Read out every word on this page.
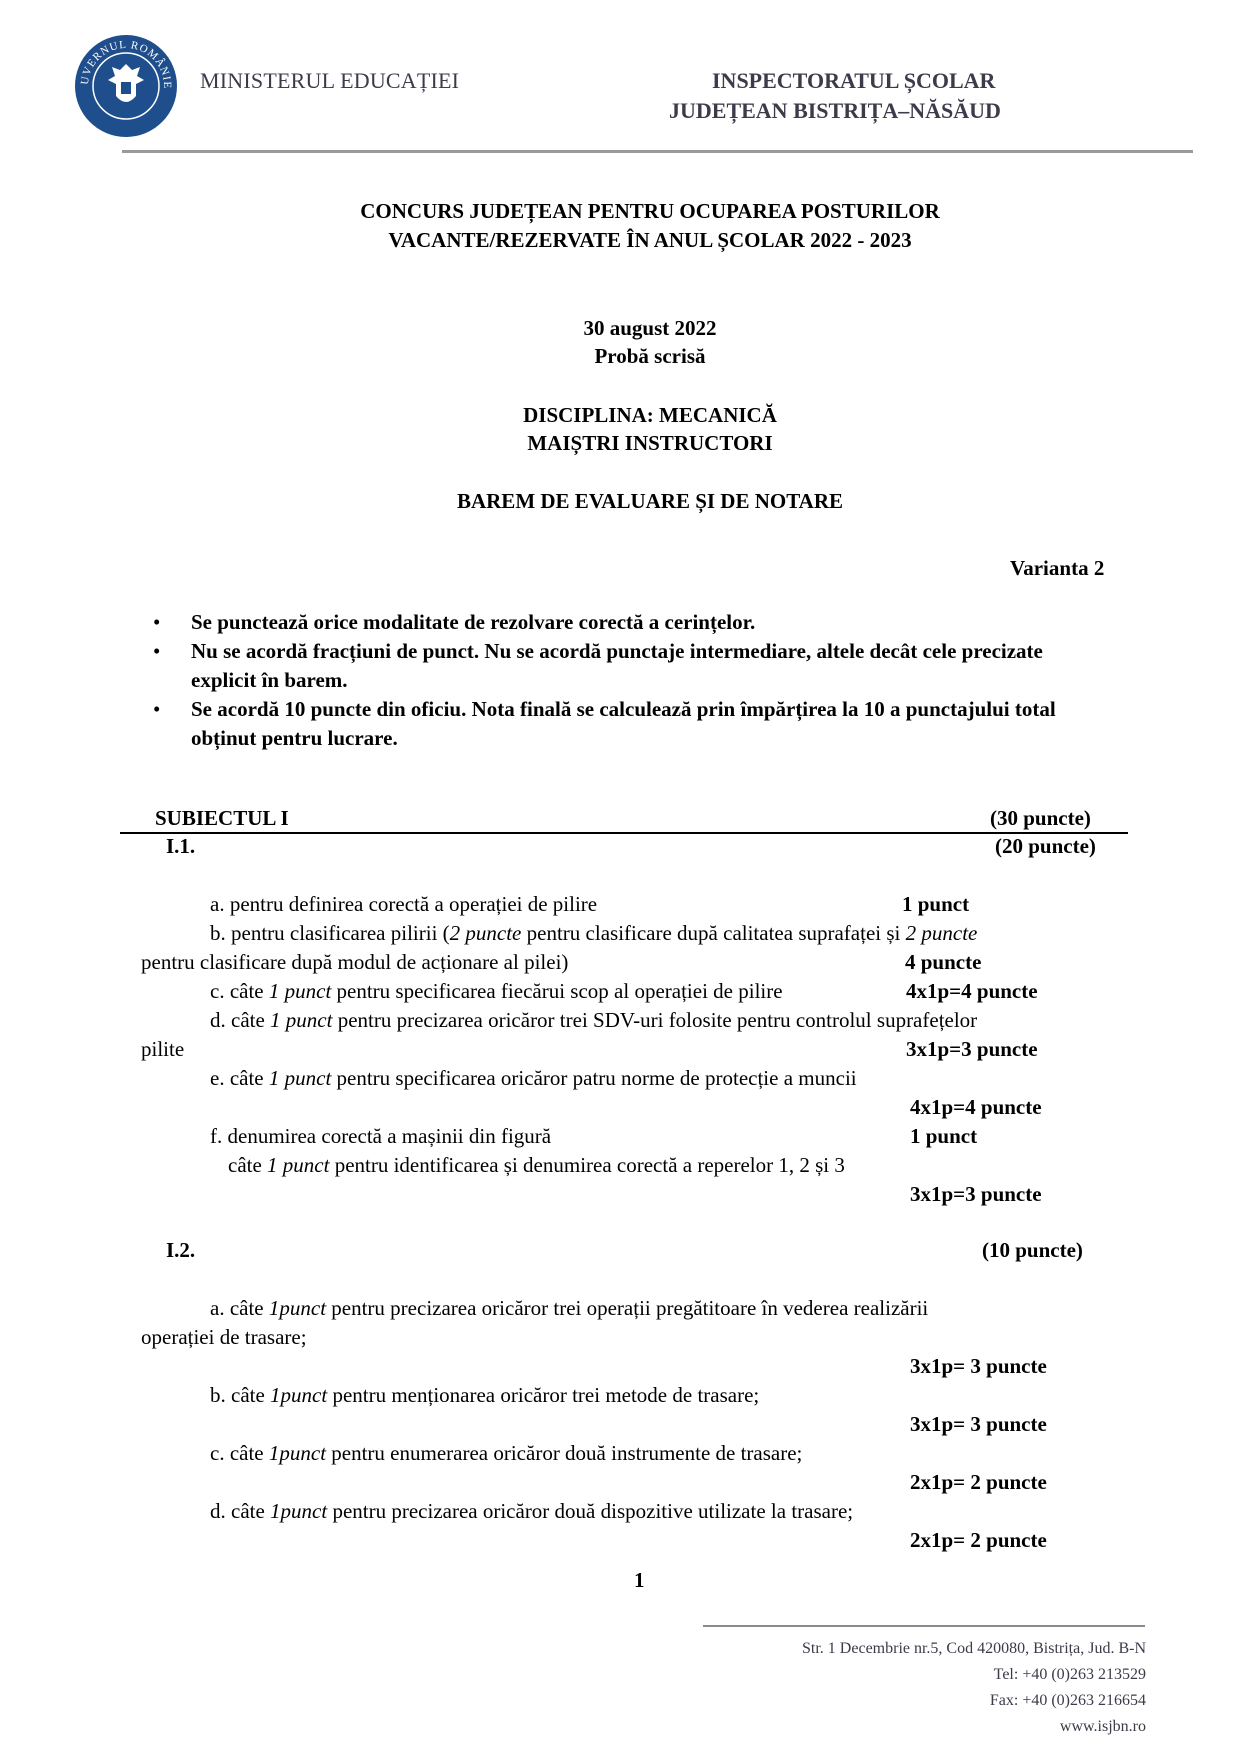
UVERNUL ROMÂNIE MINISTERUL EDUCAȚIEI	INSPECTORATUL ȘCOLAR
JUDEȚEAN BISTRIȚA–NĂSĂUD
CONCURS JUDEȚEAN PENTRU OCUPAREA POSTURILOR
VACANTE/REZERVATE ÎN ANUL ȘCOLAR 2022 - 2023
30 august 2022
Probă scrisă
DISCIPLINA: MECANICĂ
MAIȘTRI INSTRUCTORI
BAREM DE EVALUARE ȘI DE NOTARE
Varianta 2
• Se punctează orice modalitate de rezolvare corectă a cerințelor.
• Nu se acordă fracțiuni de punct. Nu se acordă punctaje intermediare, altele decât cele precizate explicit în barem.
• Se acordă 10 puncte din oficiu. Nota finală se calculează prin împărțirea la 10 a punctajului total obținut pentru lucrare.
SUBIECTUL I	(30 puncte)
I.1.	(20 puncte)
a. pentru definirea corectă a operației de pilire	1 punct
b. pentru clasificarea pilirii (2 puncte pentru clasificare după calitatea suprafaței și 2 puncte
pentru clasificare după modul de acționare al pilei)	4 puncte
c. câte 1 punct pentru specificarea fiecărui scop al operației de pilire	4x1p=4 puncte
d. câte 1 punct pentru precizarea oricăror trei SDV-uri folosite pentru controlul suprafețelor
pilite	3x1p=3 puncte
e. câte 1 punct pentru specificarea oricăror patru norme de protecție a muncii
4x1p=4 puncte
f. denumirea corectă a mașinii din figură	1 punct
câte 1 punct pentru identificarea și denumirea corectă a reperelor 1, 2 și 3
3x1p=3 puncte
I.2.	(10 puncte)
a. câte 1punct pentru precizarea oricăror trei operații pregătitoare în vederea realizării
operației de trasare;
3x1p= 3 puncte
b. câte 1punct pentru menționarea oricăror trei metode de trasare;
3x1p= 3 puncte
c. câte 1punct pentru enumerarea oricăror două instrumente de trasare;
2x1p= 2 puncte
d. câte 1punct pentru precizarea oricăror două dispozitive utilizate la trasare;
2x1p= 2 puncte
1
Str. 1 Decembrie nr.5, Cod 420080, Bistrița, Jud. B-N
Tel: +40 (0)263 213529
Fax: +40 (0)263 216654
www.isjbn.ro
